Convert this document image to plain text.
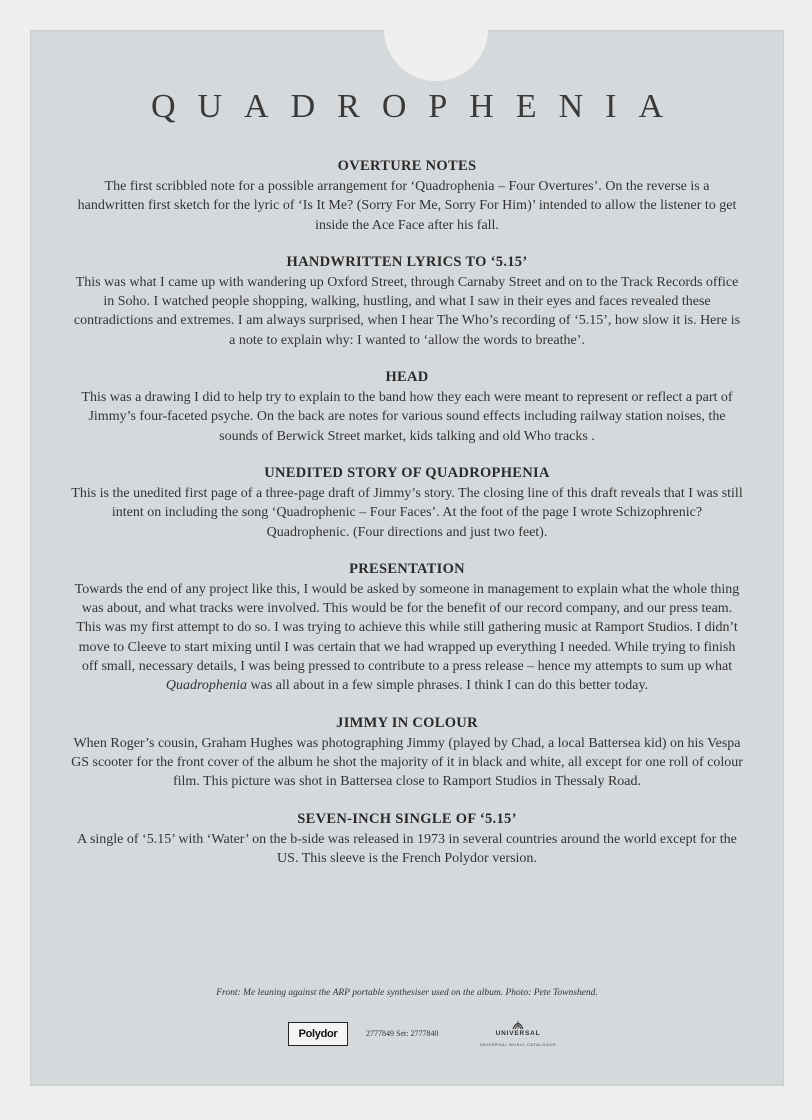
QUADROPHENIA
OVERTURE NOTES

The first scribbled note for a possible arrangement for ‘Quadrophenia – Four Overtures’. On the reverse is a handwritten first sketch for the lyric of ‘Is It Me? (Sorry For Me, Sorry For Him)’ intended to allow the listener to get inside the Ace Face after his fall.

HANDWRITTEN LYRICS TO ‘5.15’

This was what I came up with wandering up Oxford Street, through Carnaby Street and on to the Track Records office in Soho. I watched people shopping, walking, hustling, and what I saw in their eyes and faces revealed these contradictions and extremes. I am always surprised, when I hear The Who’s recording of ‘5.15’, how slow it is. Here is a note to explain why: I wanted to ‘allow the words to breathe’.

HEAD

This was a drawing I did to help try to explain to the band how they each were meant to represent or reflect a part of Jimmy’s four-faceted psyche. On the back are notes for various sound effects including railway station noises, the sounds of Berwick Street market, kids talking and old Who tracks .

UNEDITED STORY OF QUADROPHENIA

This is the unedited first page of a three-page draft of Jimmy’s story. The closing line of this draft reveals that I was still intent on including the song ‘Quadrophenic – Four Faces’. At the foot of the page I wrote Schizophrenic? Quadrophenic. (Four directions and just two feet).

PRESENTATION

Towards the end of any project like this, I would be asked by someone in management to explain what the whole thing was about, and what tracks were involved. This would be for the benefit of our record company, and our press team. This was my first attempt to do so. I was trying to achieve this while still gathering music at Ramport Studios. I didn’t move to Cleeve to start mixing until I was certain that we had wrapped up everything I needed. While trying to finish off small, necessary details, I was being pressed to contribute to a press release – hence my attempts to sum up what Quadrophenia was all about in a few simple phrases. I think I can do this better today.

JIMMY IN COLOUR

When Roger’s cousin, Graham Hughes was photographing Jimmy (played by Chad, a local Battersea kid) on his Vespa GS scooter for the front cover of the album he shot the majority of it in black and white, all except for one roll of colour film. This picture was shot in Battersea close to Ramport Studios in Thessaly Road.

SEVEN-INCH SINGLE OF ‘5.15’

A single of ‘5.15’ with ‘Water’ on the b-side was released in 1973 in several countries around the world except for the US. This sleeve is the French Polydor version.

Front: Me leaning against the ARP portable synthesiser used on the album. Photo: Pete Townshend.

Polydor	2777849 Set: 2777840	UNIVERSAL
UNIVERSAL MUSIC CATALOGUE
